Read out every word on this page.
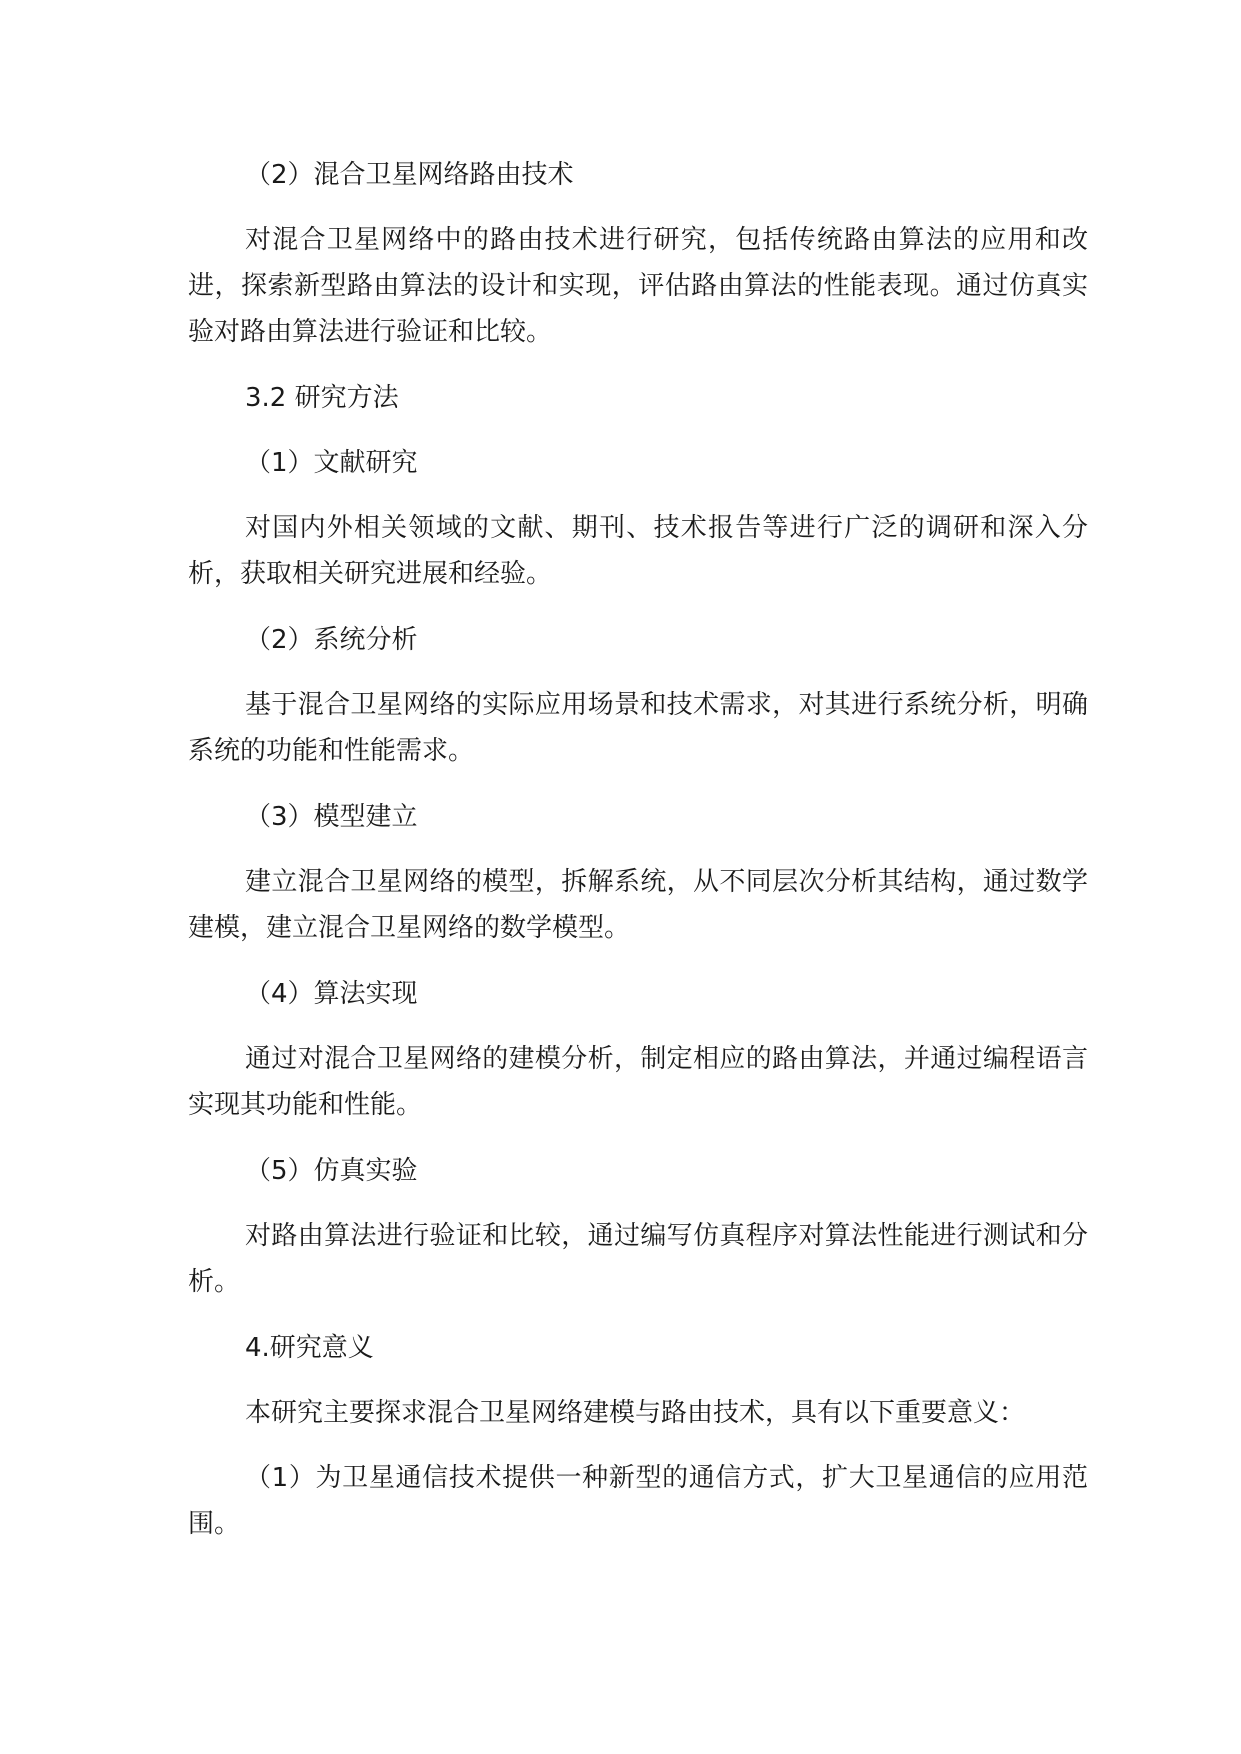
（2）混合卫星网络路由技术

对混合卫星网络中的路由技术进行研究，包括传统路由算法的应用和改进，探索新型路由算法的设计和实现，评估路由算法的性能表现。通过仿真实验对路由算法进行验证和比较。

3.2 研究方法

（1）文献研究

对国内外相关领域的文献、期刊、技术报告等进行广泛的调研和深入分析，获取相关研究进展和经验。

（2）系统分析

基于混合卫星网络的实际应用场景和技术需求，对其进行系统分析，明确系统的功能和性能需求。

（3）模型建立

建立混合卫星网络的模型，拆解系统，从不同层次分析其结构，通过数学建模，建立混合卫星网络的数学模型。

（4）算法实现

通过对混合卫星网络的建模分析，制定相应的路由算法，并通过编程语言实现其功能和性能。

（5）仿真实验

对路由算法进行验证和比较，通过编写仿真程序对算法性能进行测试和分析。

4.研究意义

本研究主要探求混合卫星网络建模与路由技术，具有以下重要意义：

（1）为卫星通信技术提供一种新型的通信方式，扩大卫星通信的应用范围。
